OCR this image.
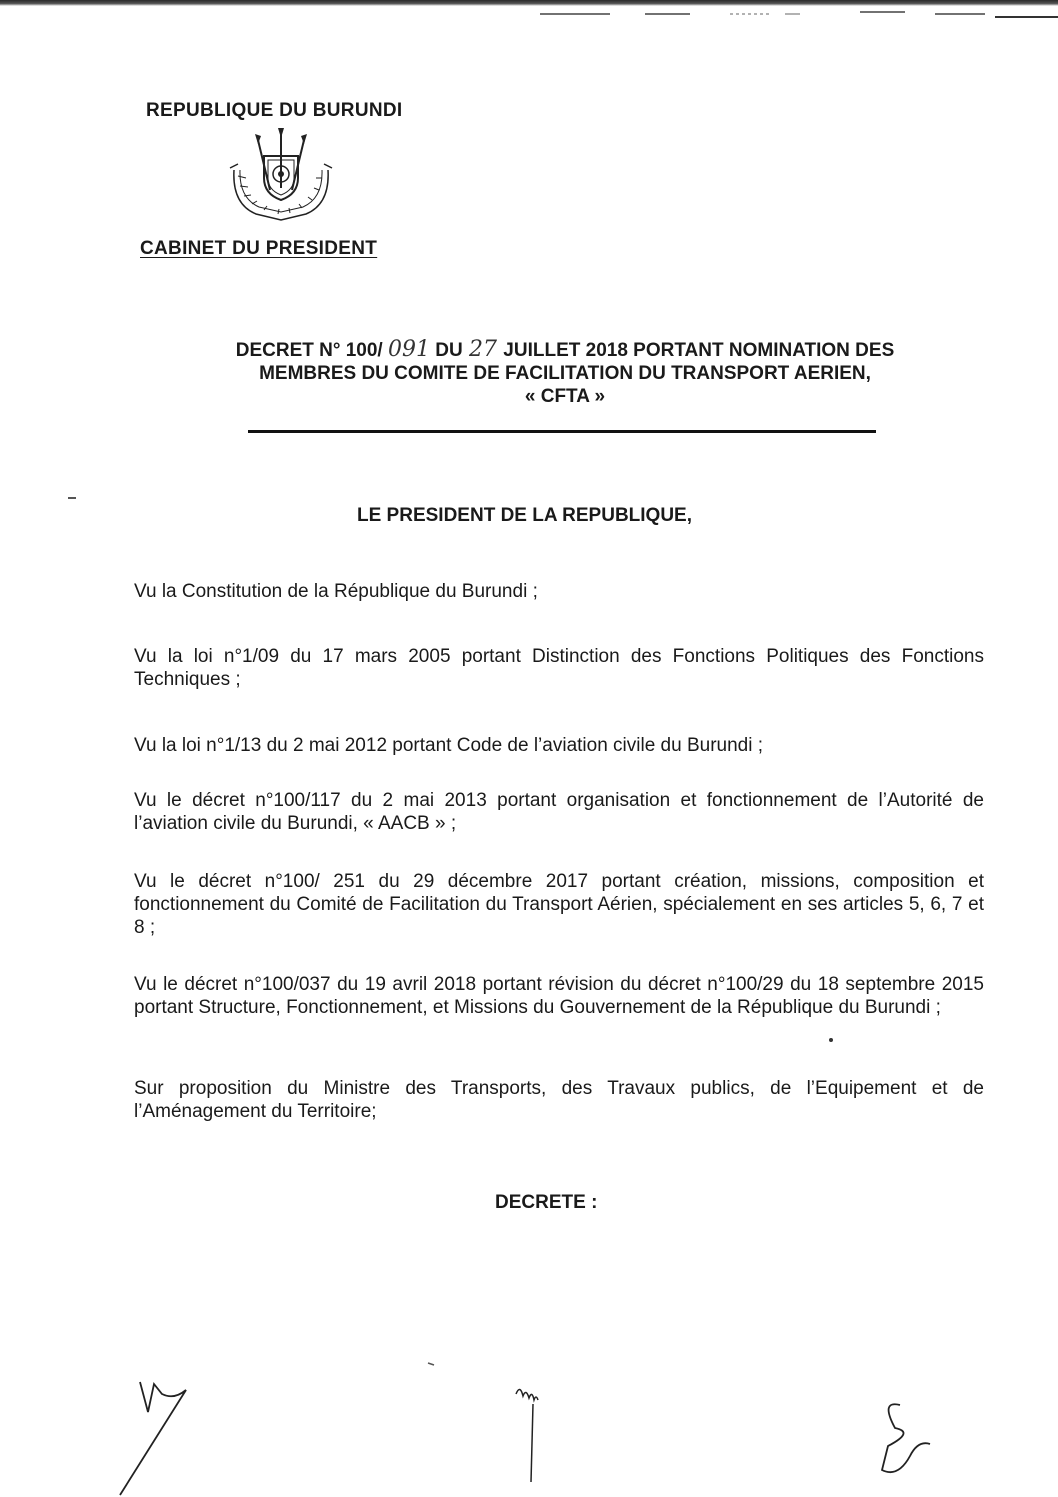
REPUBLIQUE DU BURUNDI
CABINET DU PRESIDENT
DECRET N° 100/ 091 DU 27 JUILLET 2018 PORTANT NOMINATION DES
MEMBRES DU COMITE DE FACILITATION DU TRANSPORT AERIEN,
« CFTA »
LE PRESIDENT DE LA REPUBLIQUE,
Vu la Constitution de la République du Burundi ;
Vu la loi n°1/09 du 17 mars 2005 portant Distinction des Fonctions Politiques des Fonctions Techniques ;
Vu la loi n°1/13 du 2 mai 2012 portant Code de l’aviation civile du Burundi ;
Vu le décret n°100/117 du 2 mai 2013 portant organisation et fonctionnement de l’Autorité de l’aviation civile du Burundi, « AACB » ;
Vu le décret n°100/ 251 du 29 décembre 2017 portant création, missions, composition et fonctionnement du Comité de Facilitation du Transport Aérien, spécialement en ses articles 5, 6, 7 et 8 ;
Vu le décret n°100/037 du 19 avril 2018 portant révision du décret n°100/29 du 18 septembre 2015 portant Structure, Fonctionnement, et Missions du Gouvernement de la République du Burundi ;
Sur proposition du Ministre des Transports, des Travaux publics, de l’Equipement et de l’Aménagement du Territoire;
DECRETE :
